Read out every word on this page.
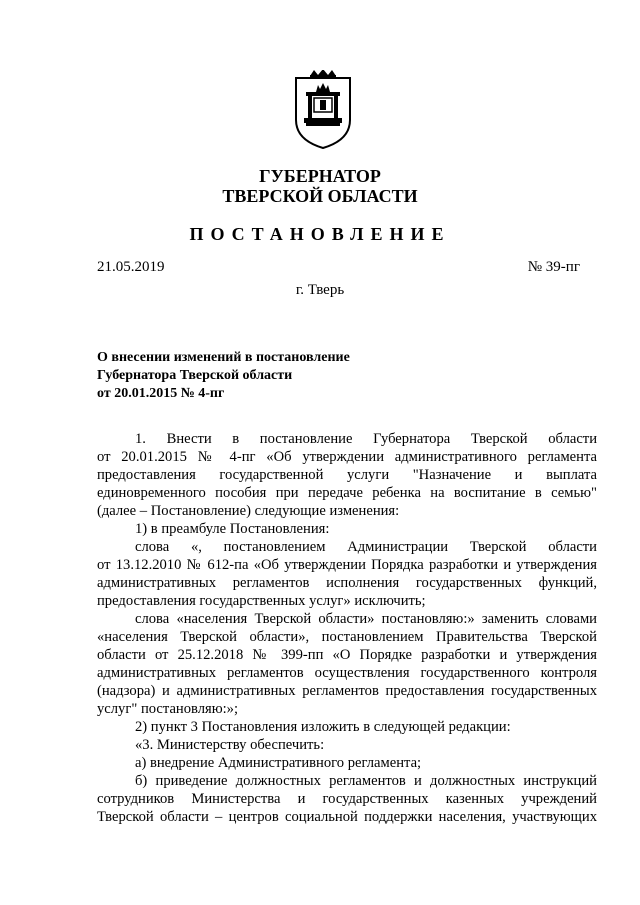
ГУБЕРНАТОР
ТВЕРСКОЙ ОБЛАСТИ
ПОСТАНОВЛЕНИЕ
21.05.2019	№ 39-пг
г. Тверь
О внесении изменений в постановление
Губернатора Тверской области
от 20.01.2015 № 4-пг
1. Внести в постановление Губернатора Тверской области
от 20.01.2015 № 4-пг «Об утверждении административного регламента
предоставления государственной услуги "Назначение и выплата
единовременного пособия при передаче ребенка на воспитание в семью"
(далее – Постановление) следующие изменения:
1) в преамбуле Постановления:
слова «, постановлением Администрации Тверской области
от 13.12.2010 № 612-па «Об утверждении Порядка разработки и утверждения
административных регламентов исполнения государственных функций,
предоставления государственных услуг» исключить;
слова «населения Тверской области» постановляю:» заменить словами
«населения Тверской области», постановлением Правительства Тверской
области от 25.12.2018 № 399-пп «О Порядке разработки и утверждения
административных регламентов осуществления государственного контроля
(надзора) и административных регламентов предоставления государственных
услуг" постановляю:»;
2) пункт 3 Постановления изложить в следующей редакции:
«3. Министерству обеспечить:
а) внедрение Административного регламента;
б) приведение должностных регламентов и должностных инструкций
сотрудников Министерства и государственных казенных учреждений
Тверской области – центров социальной поддержки населения, участвующих
